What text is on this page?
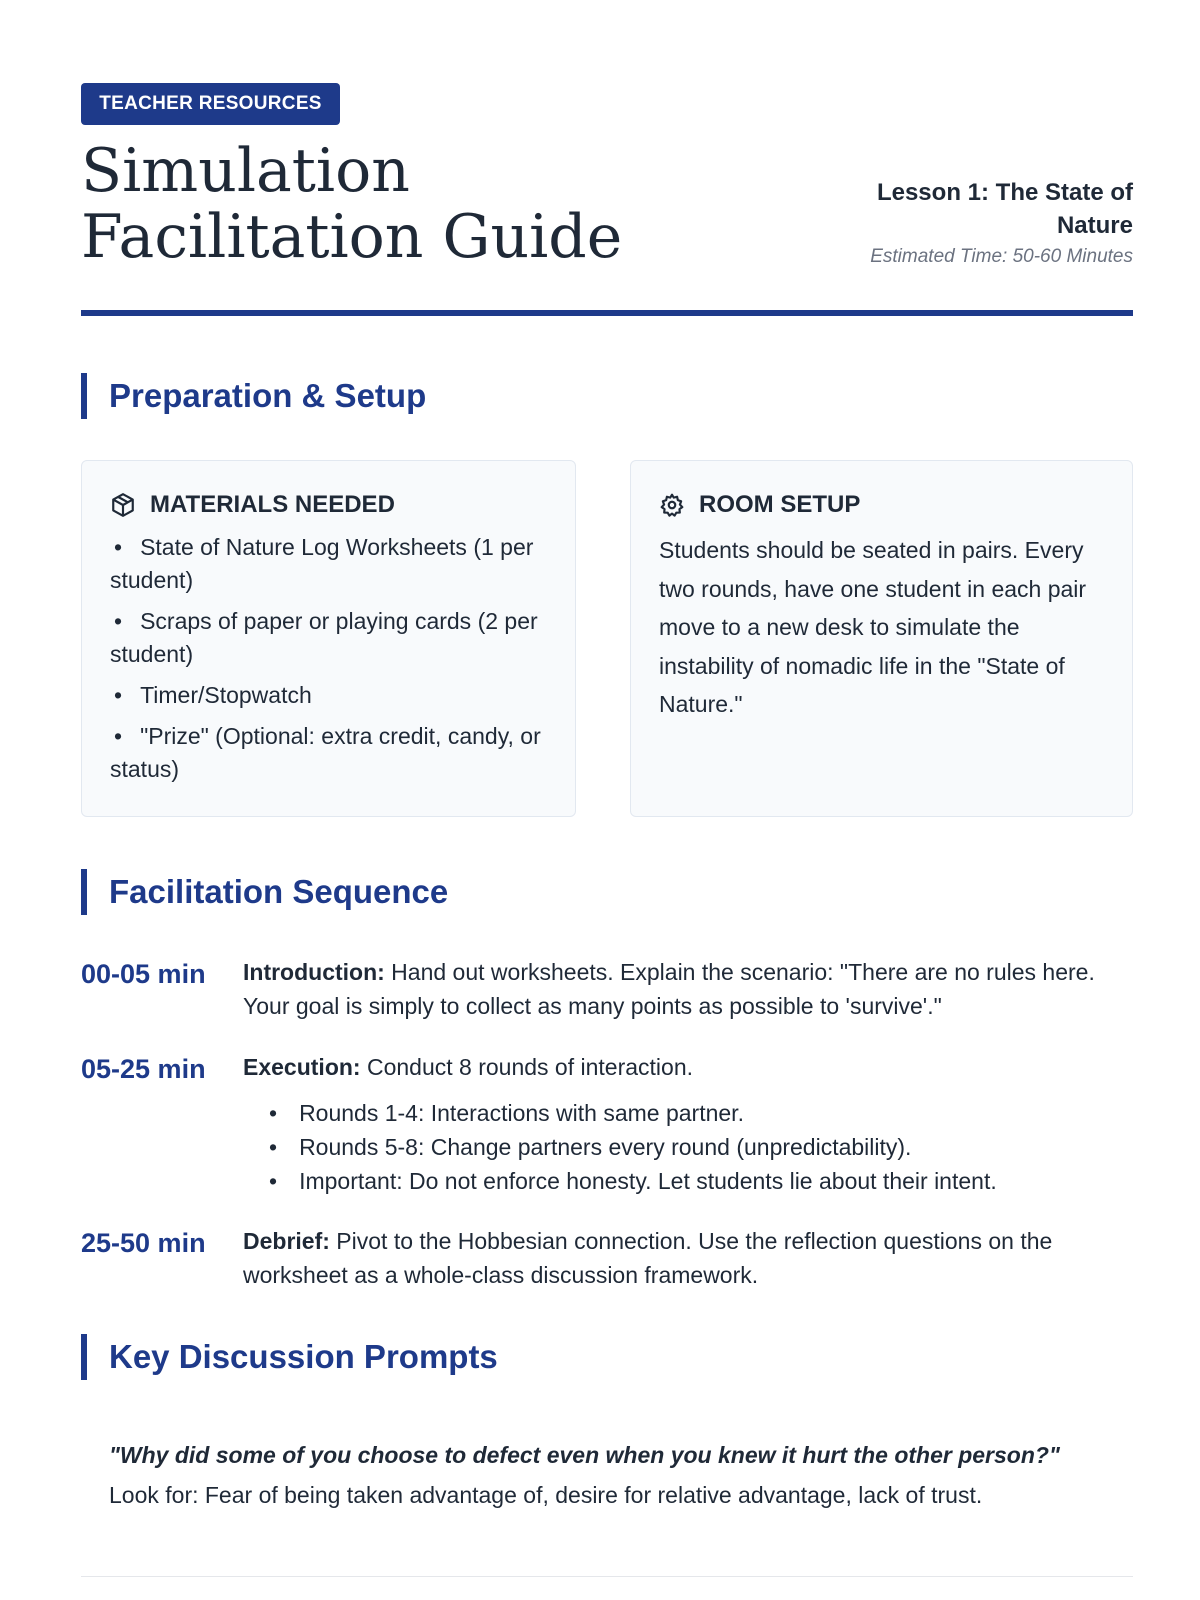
TEACHER RESOURCES
Simulation Facilitation Guide
Lesson 1: The State of Nature
Estimated Time: 50-60 Minutes
Preparation & Setup
MATERIALS NEEDED
• State of Nature Log Worksheets (1 per student)
• Scraps of paper or playing cards (2 per student)
• Timer/Stopwatch
• "Prize" (Optional: extra credit, candy, or status)
ROOM SETUP

Students should be seated in pairs. Every two rounds, have one student in each pair move to a new desk to simulate the instability of nomadic life in the "State of Nature."

Facilitation Sequence
00-05 min	Introduction: Hand out worksheets. Explain the scenario: "There are no rules here. Your goal is simply to collect as many points as possible to 'survive'."
05-25 min	Execution: Conduct 8 rounds of interaction.
• Rounds 1-4: Interactions with same partner.
• Rounds 5-8: Change partners every round (unpredictability).
• Important: Do not enforce honesty. Let students lie about their intent.
25-50 min	Debrief: Pivot to the Hobbesian connection. Use the reflection questions on the worksheet as a whole-class discussion framework.
Key Discussion Prompts

"Why did some of you choose to defect even when you knew it hurt the other person?"

Look for: Fear of being taken advantage of, desire for relative advantage, lack of trust.
